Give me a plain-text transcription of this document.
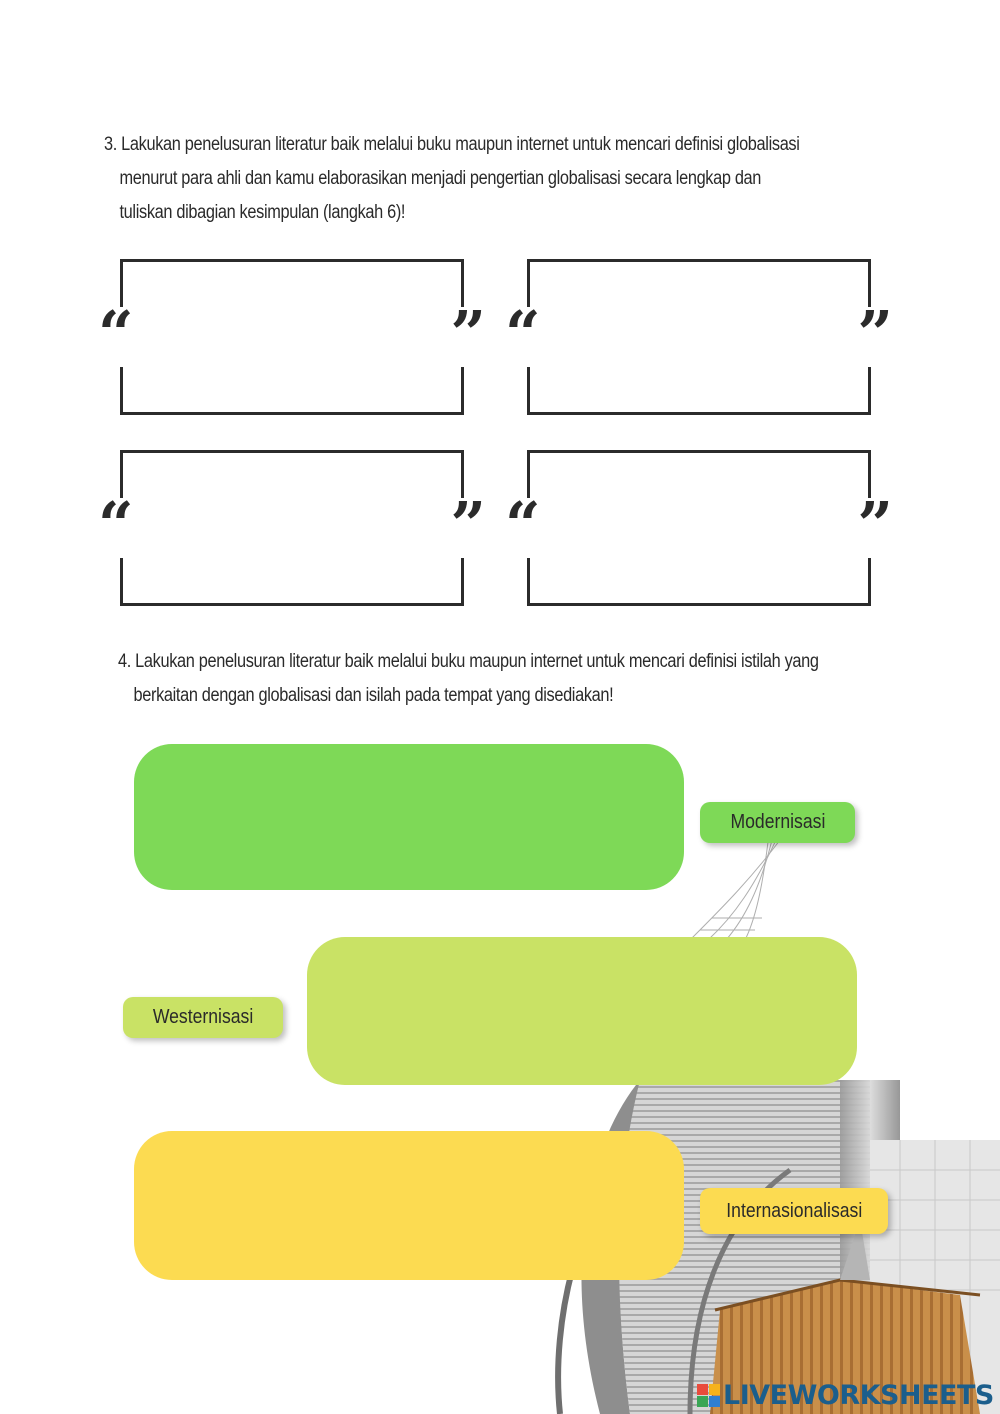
3. Lakukan penelusuran literatur baik melalui buku maupun internet untuk mencari definisi globalisasi
menurut para ahli dan kamu elaborasikan menjadi pengertian globalisasi secara lengkap dan
tuliskan dibagian kesimpulan (langkah 6)!
“	” “	”
“	” “	”
4. Lakukan penelusuran literatur baik melalui buku maupun internet untuk mencari definisi istilah yang
berkaitan dengan globalisasi dan isilah pada tempat yang disediakan!
Modernisasi
Westernisasi
Internasionalisasi
LIVEWORKSHEETS
